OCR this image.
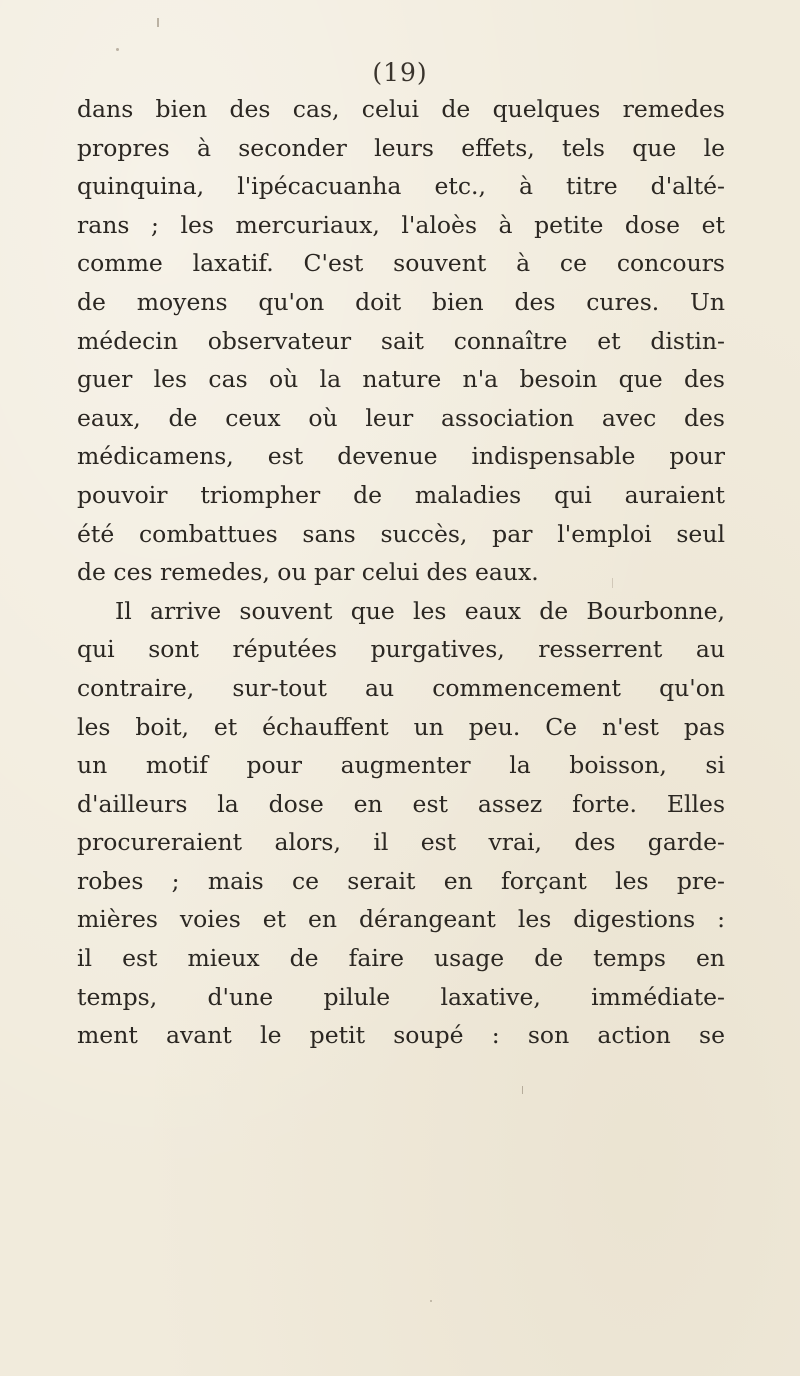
(19)
dans bien des cas, celui de quelques remedes
propres à seconder leurs effets, tels que le
quinquina, l'ipécacuanha etc., à titre d'alté-
rans ; les mercuriaux, l'aloès à petite dose et
comme laxatif. C'est souvent à ce concours
de moyens qu'on doit bien des cures. Un
médecin observateur sait connaître et distin-
guer les cas où la nature n'a besoin que des
eaux, de ceux où leur association avec des
médicamens, est devenue indispensable pour
pouvoir triompher de maladies qui auraient
été combattues sans succès, par l'emploi seul
de ces remedes, ou par celui des eaux.
Il arrive souvent que les eaux de Bourbonne,
qui sont réputées purgatives, resserrent au
contraire, sur-tout au commencement qu'on
les boit, et échauffent un peu. Ce n'est pas
un motif pour augmenter la boisson, si
d'ailleurs la dose en est assez forte. Elles
procureraient alors, il est vrai, des garde-
robes ; mais ce serait en forçant les pre-
mières voies et en dérangeant les digestions :
il est mieux de faire usage de temps en
temps, d'une pilule laxative, immédiate-
ment avant le petit soupé : son action se
